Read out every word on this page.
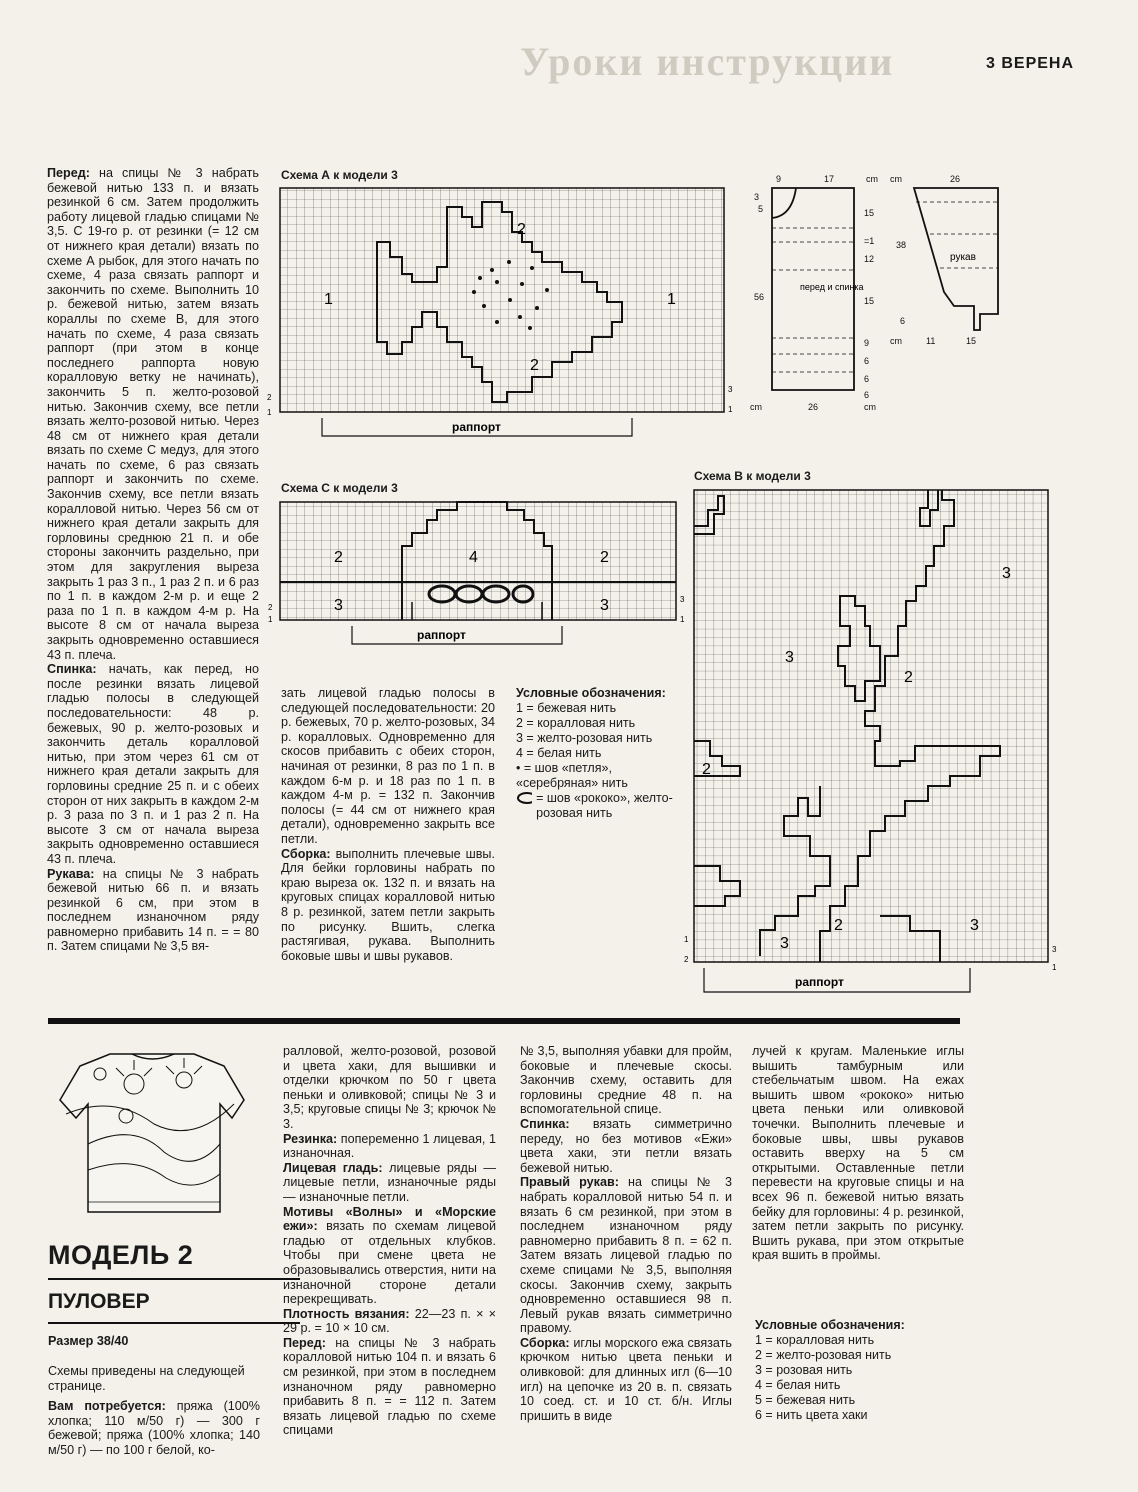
Уроки инструкции	3 ВЕРЕНА

Перед: на спицы № 3 набрать бежевой нитью 133 п. и вязать резинкой 6 см. Затем продолжить работу лицевой гладью спицами № 3,5. С 19-го р. от резинки (= 12 см от нижнего края детали) вязать по схеме А рыбок, для этого начать по схеме, 4 раза связать раппорт и закончить по схеме. Выполнить 10 р. бежевой нитью, затем вязать кораллы по схеме В, для этого начать по схеме, 4 раза связать раппорт (при этом в конце последнего раппорта новую коралловую ветку не начинать), закончить 5 п. желто-розовой нитью. Закончив схему, все петли вязать желто-розовой нитью. Через 48 см от нижнего края детали вязать по схеме С медуз, для этого начать по схеме, 6 раз связать раппорт и закончить по схеме. Закончив схему, все петли вязать коралловой нитью. Через 56 см от нижнего края детали закрыть для горловины среднюю 21 п. и обе стороны закончить раздельно, при этом для закругления выреза закрыть 1 раз 3 п., 1 раз 2 п. и 6 раз по 1 п. в каждом 2-м р. и еще 2 раза по 1 п. в каждом 4-м р. На высоте 8 см от начала выреза закрыть одновременно оставшиеся 43 п. плеча.

Спинка: начать, как перед, но после резинки вязать лицевой гладью полосы в следующей последовательности: 48 р. бежевых, 90 р. желто-розовых и закончить деталь коралловой нитью, при этом через 61 см от нижнего края детали закрыть для горловины средние 25 п. и с обеих сторон от них закрыть в каждом 2-м р. 3 раза по 3 п. и 1 раз 2 п. На высоте 3 см от начала выреза закрыть одновременно оставшиеся 43 п. плеча.

Рукава: на спицы № 3 набрать бежевой нитью 66 п. и вязать резинкой 6 см, при этом в последнем изнаночном ряду равномерно прибавить 14 п. = = 80 п. Затем спицами № 3,5 вя-

зать лицевой гладью полосы в следующей последовательности: 20 р. бежевых, 70 р. желто-розовых, 34 р. коралловых. Одновременно для скосов прибавить с обеих сторон, начиная от резинки, 8 раз по 1 п. в каждом 6-м р. и 18 раз по 1 п. в каждом 4-м р. = 132 п. Закончив полосы (= 44 см от нижнего края детали), одновременно закрыть все петли.

Сборка: выполнить плечевые швы. Для бейки горловины набрать по краю выреза ок. 132 п. и вязать на круговых спицах коралловой нитью 8 р. резинкой, затем петли закрыть по рисунку. Вшить, слегка растягивая, рукава. Выполнить боковые швы и швы рукавов.

Условные обозначения:
1 = бежевая нить
2 = коралловая нить
3 = желто-розовая нить
4 = белая нить
• = шов «петля», «серебряная» нить
= шов «рококо», желто-розовая нить
Схема А к модели 3
Схема С к модели 3
Схема В к модели 3
2
1	1
2
3
1
2
1
раппорт
2	4	2
3	3	3
1
2
1
раппорт
3
3
2
2
2
3
3
3
1
1
2
раппорт
9	17	cm cm	26
3
5	15
=1
12
15
9
6
6
6
38
56
6
cm	26	cm
cm	11	15
перед и спинка
рукав
МОДЕЛЬ 2
ПУЛОВЕР
Размер 38/40

Схемы приведены на следующей странице.

Вам потребуется: пряжа (100% хлопка; 110 м/50 г) — 300 г бежевой; пряжа (100% хлопка; 140 м/50 г) — по 100 г белой, ко-

ралловой, желто-розовой, розовой и цвета хаки, для вышивки и отделки крючком по 50 г цвета пеньки и оливковой; спицы № 3 и 3,5; круговые спицы № 3; крючок № 3.

Резинка: попеременно 1 лицевая, 1 изнаночная.

Лицевая гладь: лицевые ряды — лицевые петли, изнаночные ряды — изнаночные петли.

Мотивы «Волны» и «Морские ежи»: вязать по схемам лицевой гладью от отдельных клубков. Чтобы при смене цвета не образовывались отверстия, нити на изнаночной стороне детали перекрещивать.

Плотность вязания: 22—23 п. × × 29 р. = 10 × 10 см.

Перед: на спицы № 3 набрать коралловой нитью 104 п. и вязать 6 см резинкой, при этом в последнем изнаночном ряду равномерно прибавить 8 п. = = 112 п. Затем вязать лицевой гладью по схеме спицами

№ 3,5, выполняя убавки для пройм, боковые и плечевые скосы. Закончив схему, оставить для горловины средние 48 п. на вспомогательной спице.

Спинка: вязать симметрично переду, но без мотивов «Ежи» цвета хаки, эти петли вязать бежевой нитью.

Правый рукав: на спицы № 3 набрать коралловой нитью 54 п. и вязать 6 см резинкой, при этом в последнем изнаночном ряду равномерно прибавить 8 п. = 62 п. Затем вязать лицевой гладью по схеме спицами № 3,5, выполняя скосы. Закончив схему, закрыть одновременно оставшиеся 98 п. Левый рукав вязать симметрично правому.

Сборка: иглы морского ежа связать крючком нитью цвета пеньки и оливковой: для длинных игл (6—10 игл) на цепочке из 20 в. п. связать 10 соед. ст. и 10 ст. б/н. Иглы пришить в виде

лучей к кругам. Маленькие иглы вышить тамбурным или стебельчатым швом. На ежах вышить швом «рококо» нитью цвета пеньки или оливковой точечки. Выполнить плечевые и боковые швы, швы рукавов оставить вверху на 5 см открытыми. Оставленные петли перевести на круговые спицы и на всех 96 п. бежевой нитью вязать бейку для горловины: 4 р. резинкой, затем петли закрыть по рисунку. Вшить рукава, при этом открытые края вшить в проймы.

Условные обозначения:
1 = коралловая нить
2 = желто-розовая нить
3 = розовая нить
4 = белая нить
5 = бежевая нить
6 = нить цвета хаки
